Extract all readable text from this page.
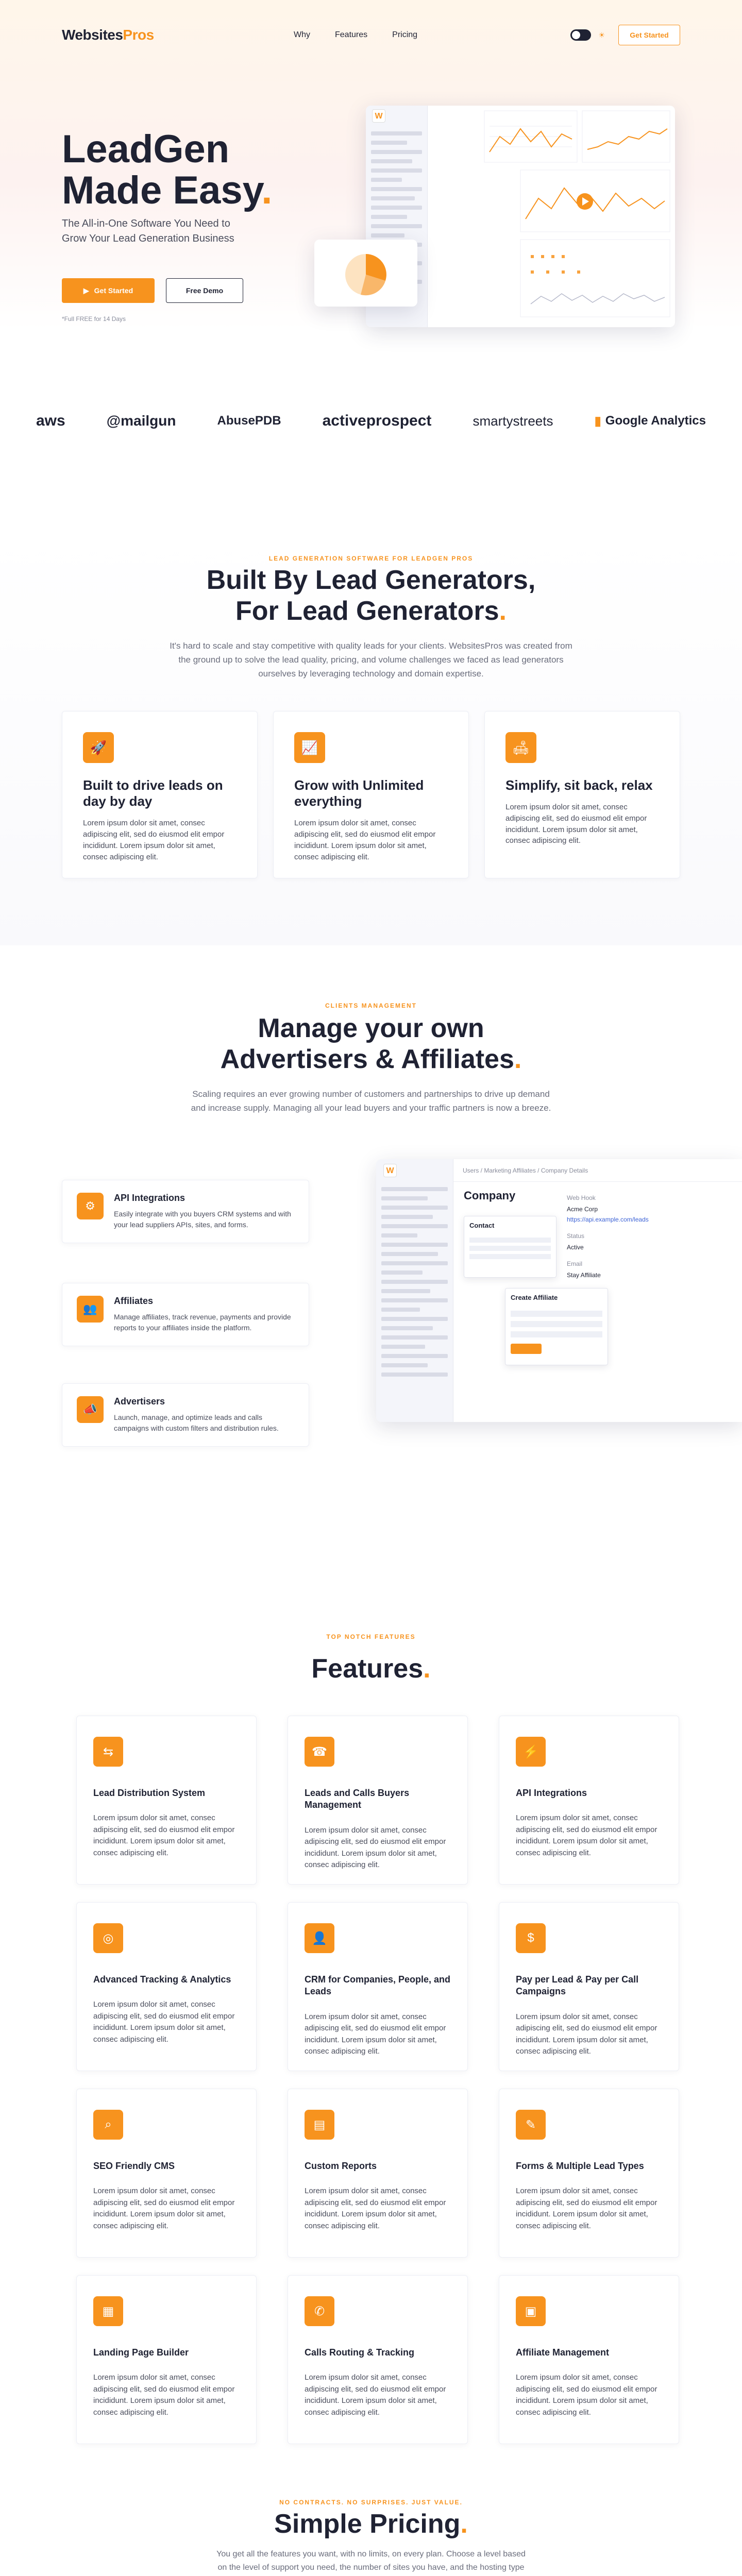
WebsitesPros	Why	Features	Pricing	☀	Get Started
LeadGen
Made Easy.

The All-in-One Software You Need to Grow Your Lead Generation Business

▶ Get Started	Free Demo
*Full FREE for 14 Days
W
aws	@mailgun	AbusePDB	activeprospect	smartystreets	▮ Google Analytics
LEAD GENERATION SOFTWARE FOR LEADGEN PROS
Built By Lead Generators,
For Lead Generators.

It's hard to scale and stay competitive with quality leads for your clients. WebsitesPros was created from the ground up to solve the lead quality, pricing, and volume challenges we faced as lead generators ourselves by leveraging technology and domain expertise.

🚀
Built to drive leads on day by day

Lorem ipsum dolor sit amet, consec adipiscing elit, sed do eiusmod elit empor incididunt. Lorem ipsum dolor sit amet, consec adipiscing elit.

📈
Grow with Unlimited everything

Lorem ipsum dolor sit amet, consec adipiscing elit, sed do eiusmod elit empor incididunt. Lorem ipsum dolor sit amet, consec adipiscing elit.

🛋
Simplify, sit back, relax

Lorem ipsum dolor sit amet, consec adipiscing elit, sed do eiusmod elit empor incididunt. Lorem ipsum dolor sit amet, consec adipiscing elit.

CLIENTS MANAGEMENT
Manage your own
Advertisers & Affiliates.

Scaling requires an ever growing number of customers and partnerships to drive up demand and increase supply. Managing all your lead buyers and your traffic partners is now a breeze.

⚙
API Integrations

Easily integrate with you buyers CRM systems and with your lead suppliers APIs, sites, and forms.

👥
Affiliates

Manage affiliates, track revenue, payments and provide reports to your affiliates inside the platform.

📣
Advertisers

Launch, manage, and optimize leads and calls campaigns with custom filters and distribution rules.

W	Users / Marketing Affiliates / Company Details
Company
Contact
Web Hook
Acme Corp
https://api.example.com/leads
Status
Active
Email
Stay Affiliate
Create Affiliate
TOP NOTCH FEATURES
Features.
⇆
Lead Distribution System

Lorem ipsum dolor sit amet, consec adipiscing elit, sed do eiusmod elit empor incididunt. Lorem ipsum dolor sit amet, consec adipiscing elit.

☎
Leads and Calls Buyers Management

Lorem ipsum dolor sit amet, consec adipiscing elit, sed do eiusmod elit empor incididunt. Lorem ipsum dolor sit amet, consec adipiscing elit.

⚡
API Integrations

Lorem ipsum dolor sit amet, consec adipiscing elit, sed do eiusmod elit empor incididunt. Lorem ipsum dolor sit amet, consec adipiscing elit.

◎
Advanced Tracking & Analytics

Lorem ipsum dolor sit amet, consec adipiscing elit, sed do eiusmod elit empor incididunt. Lorem ipsum dolor sit amet, consec adipiscing elit.

👤
CRM for Companies, People, and Leads

Lorem ipsum dolor sit amet, consec adipiscing elit, sed do eiusmod elit empor incididunt. Lorem ipsum dolor sit amet, consec adipiscing elit.

$
Pay per Lead & Pay per Call Campaigns

Lorem ipsum dolor sit amet, consec adipiscing elit, sed do eiusmod elit empor incididunt. Lorem ipsum dolor sit amet, consec adipiscing elit.

⌕
SEO Friendly CMS

Lorem ipsum dolor sit amet, consec adipiscing elit, sed do eiusmod elit empor incididunt. Lorem ipsum dolor sit amet, consec adipiscing elit.

▤
Custom Reports

Lorem ipsum dolor sit amet, consec adipiscing elit, sed do eiusmod elit empor incididunt. Lorem ipsum dolor sit amet, consec adipiscing elit.

✎
Forms & Multiple Lead Types

Lorem ipsum dolor sit amet, consec adipiscing elit, sed do eiusmod elit empor incididunt. Lorem ipsum dolor sit amet, consec adipiscing elit.

▦
Landing Page Builder

Lorem ipsum dolor sit amet, consec adipiscing elit, sed do eiusmod elit empor incididunt. Lorem ipsum dolor sit amet, consec adipiscing elit.

✆
Calls Routing & Tracking

Lorem ipsum dolor sit amet, consec adipiscing elit, sed do eiusmod elit empor incididunt. Lorem ipsum dolor sit amet, consec adipiscing elit.

▣
Affiliate Management

Lorem ipsum dolor sit amet, consec adipiscing elit, sed do eiusmod elit empor incididunt. Lorem ipsum dolor sit amet, consec adipiscing elit.

NO CONTRACTS. NO SURPRISES. JUST VALUE.
Simple Pricing.

You get all the features you want, with no limits, on every plan. Choose a level based on the level of support you need, the number of sites you have, and the hosting type
